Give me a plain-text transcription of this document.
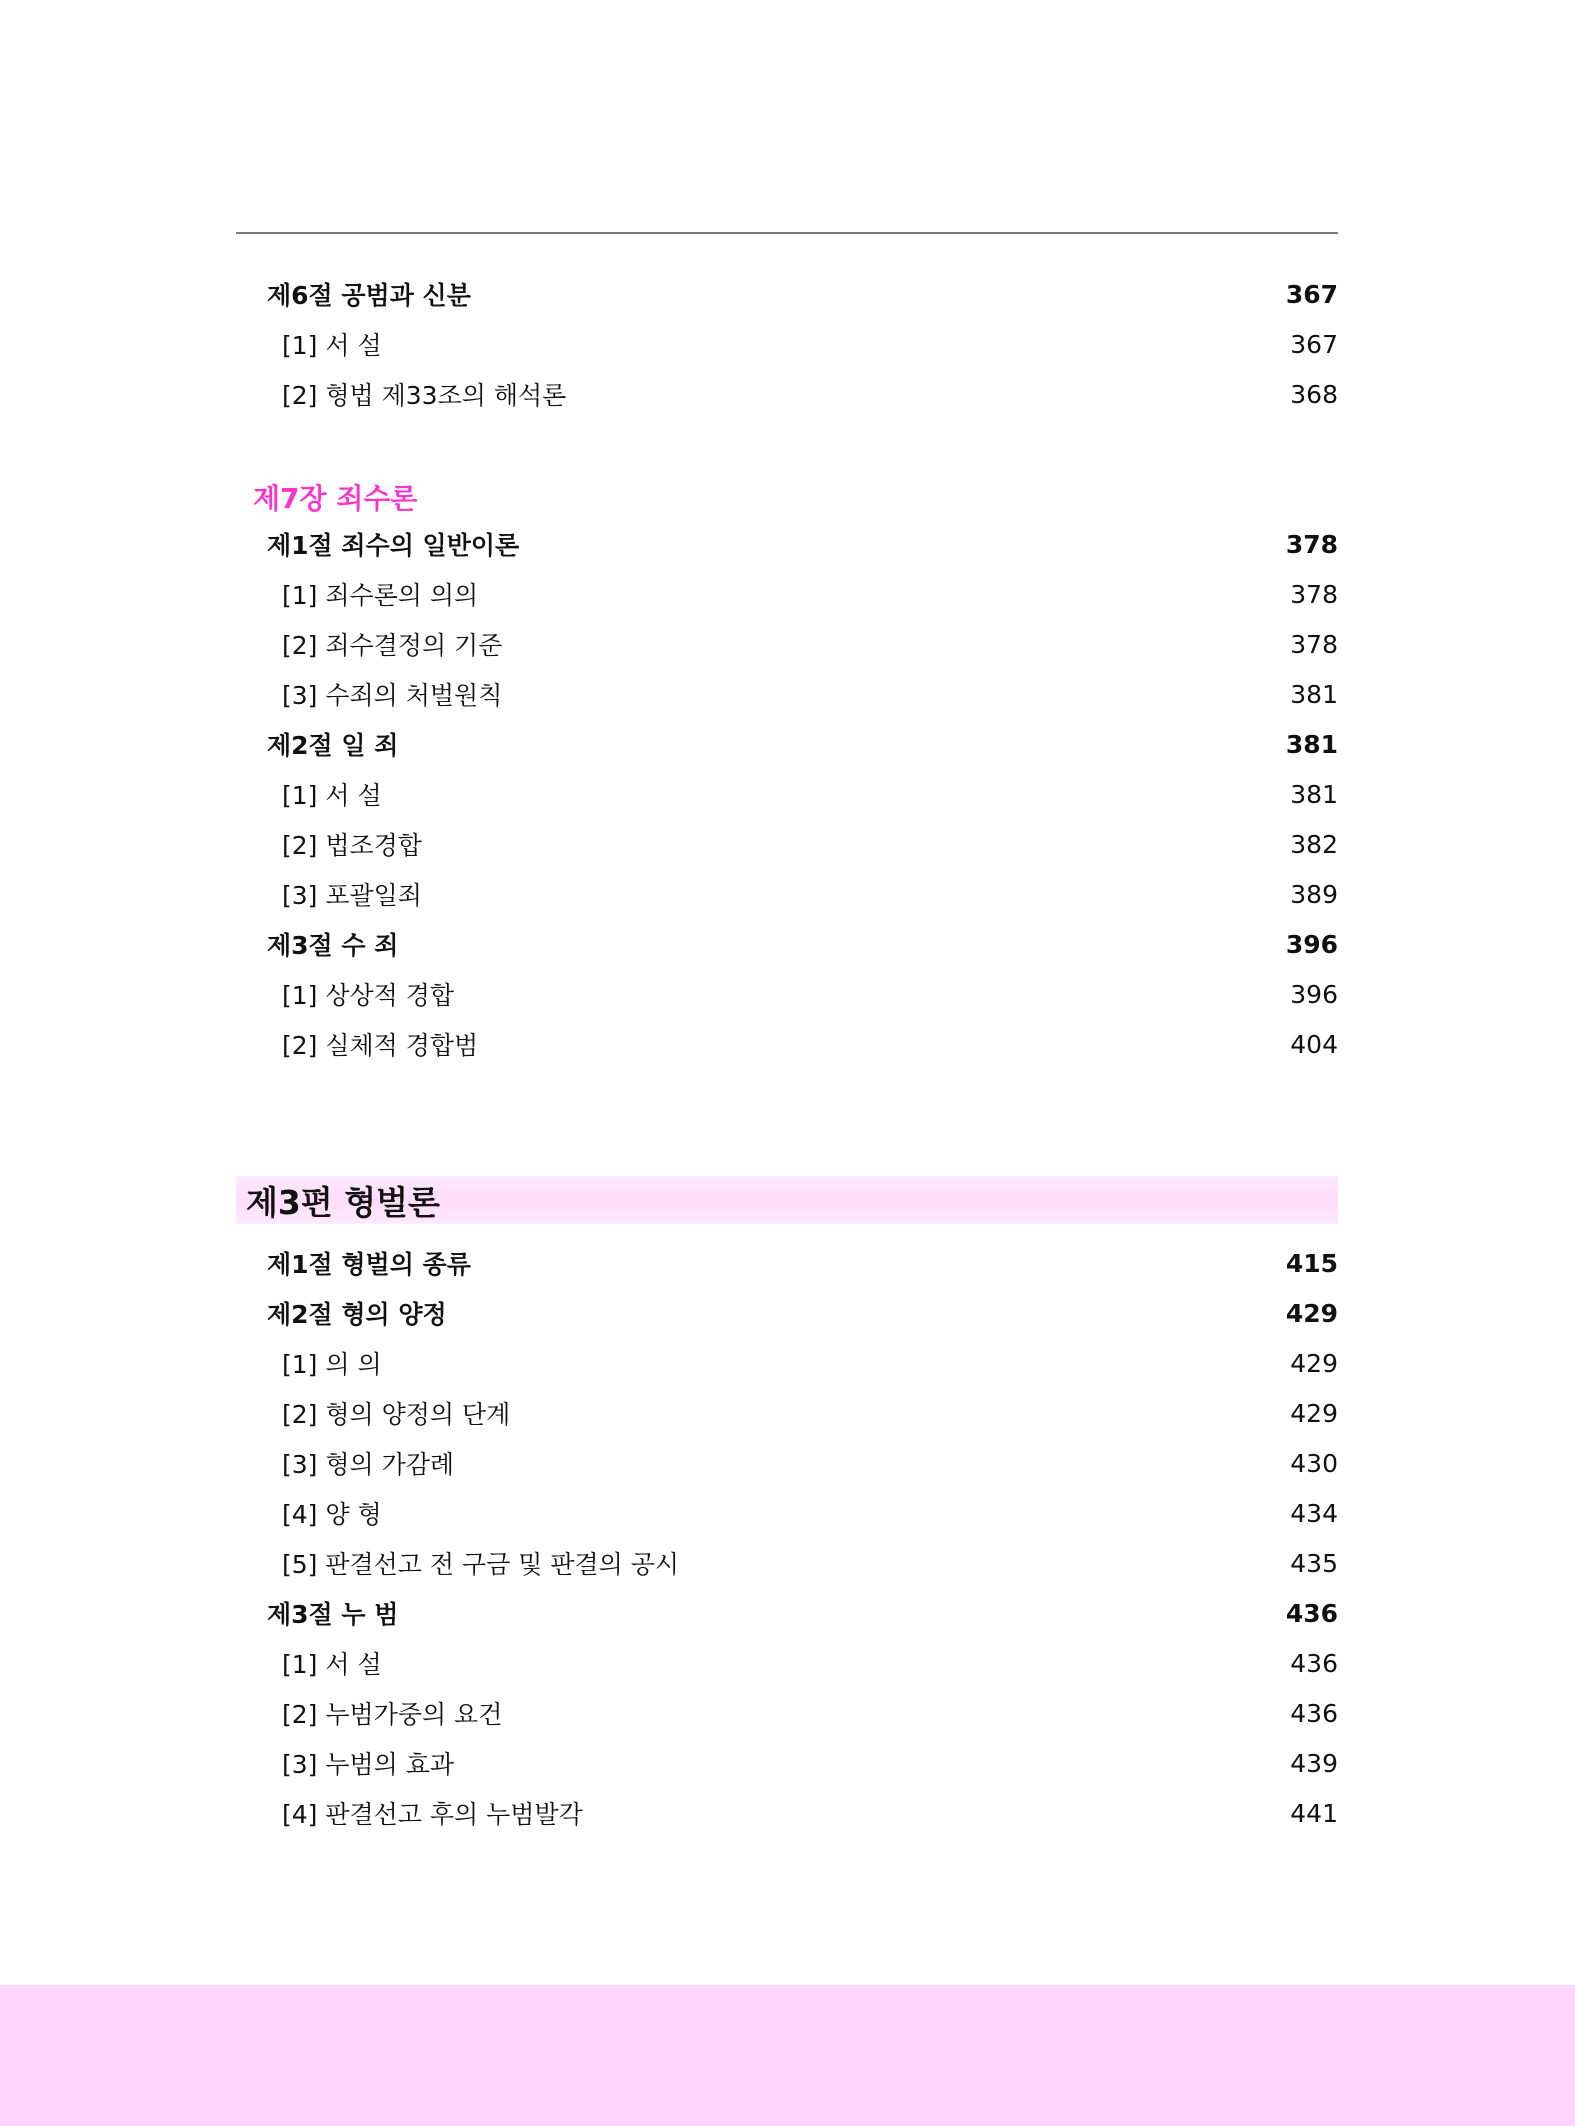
제6절 공범과 신분	367
[1] 서 설	367
[2] 형법 제33조의 해석론	368
제7장 죄수론
제1절 죄수의 일반이론	378
[1] 죄수론의 의의	378
[2] 죄수결정의 기준	378
[3] 수죄의 처벌원칙	381
제2절 일 죄	381
[1] 서 설	381
[2] 법조경합	382
[3] 포괄일죄	389
제3절 수 죄	396
[1] 상상적 경합	396
[2] 실체적 경합범	404
제1절 형벌의 종류	415
제2절 형의 양정	429
[1] 의 의	429
[2] 형의 양정의 단계	429
[3] 형의 가감례	430
[4] 양 형	434
[5] 판결선고 전 구금 및 판결의 공시	435
제3절 누 범	436
[1] 서 설	436
[2] 누범가중의 요건	436
[3] 누범의 효과	439
[4] 판결선고 후의 누범발각	441
제3편 형벌론
